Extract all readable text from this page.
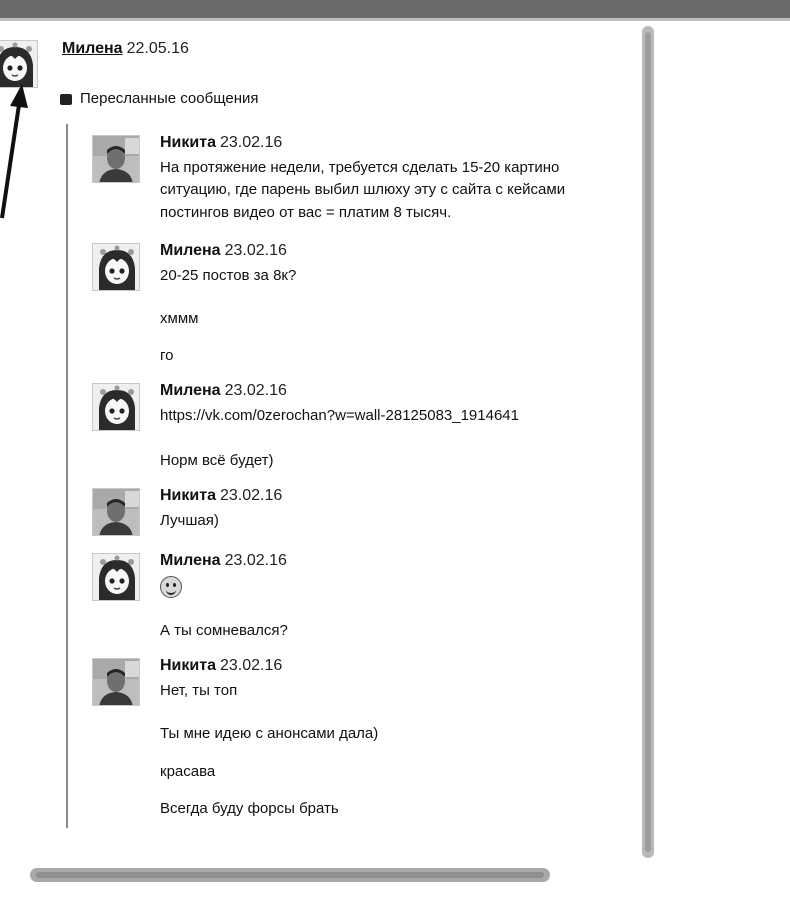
Милена 22.05.16
Пересланные сообщения
Никита 23.02.16
На протяжение недели, требуется сделать 15-20 картино
ситуацию, где парень выбил шлюху эту с сайта с кейсами
постингов видео от вас = платим 8 тысяч.
Милена 23.02.16
20-25 постов за 8к?
хммм
го
Милена 23.02.16
https://vk.com/0zerochan?w=wall-28125083_1914641
Норм всё будет)
Никита 23.02.16
Лучшая)
Милена 23.02.16
А ты сомневался?
Никита 23.02.16
Нет, ты топ
Ты мне идею с анонсами дала)
красава
Всегда буду форсы брать
